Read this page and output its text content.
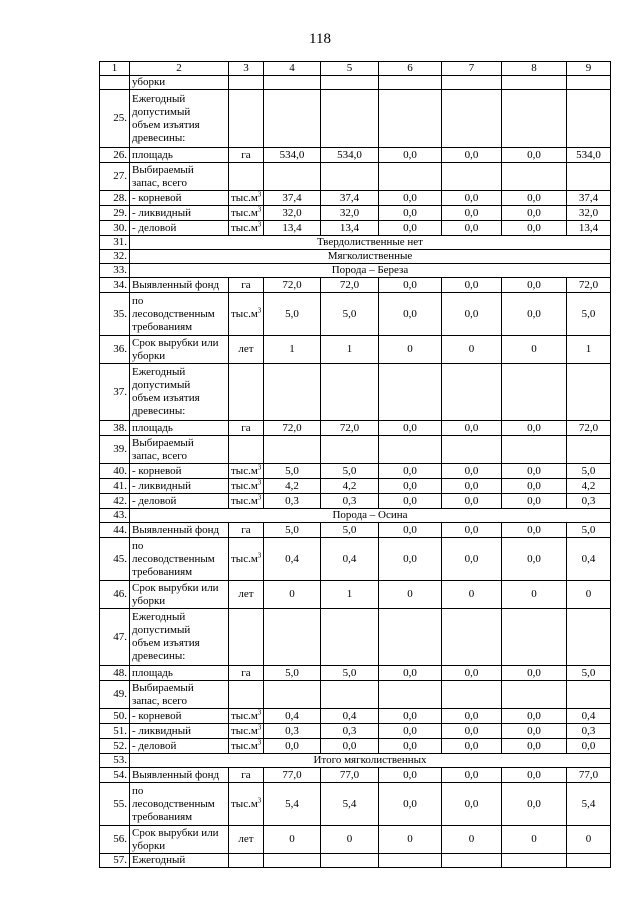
118
1	2	3	4	5	6	7	8	9

	уборки							

25.	Ежегодный
допустимый
объем изъятия
древесины:							

26.	площадь	га	534,0	534,0	0,0	0,0	0,0	534,0
27.	Выбираемый
запас, всего							

28.	- корневой	$тыс.м^3$	37,4	37,4	0,0	0,0	0,0	37,4
29.	- ликвидный	$тыс.м^3$	32,0	32,0	0,0	0,0	0,0	32,0
30.	- деловой	$тыс.м^3$	13,4	13,4	0,0	0,0	0,0	13,4
31.	Твердолиственные нет							
32.	Мягколиственные							
33.	Порода – Береза							
34.	Выявленный фонд	га	72,0	72,0	0,0	0,0	0,0	72,0
35.	по
лесоводственным
требованиям	$тыс.м^3$	5,0	5,0	0,0	0,0	0,0	5,0
36.	Срок вырубки или
уборки	лет	1	1	0	0	0	1
37.	Ежегодный
допустимый
объем изъятия
древесины:							

38.	площадь	га	72,0	72,0	0,0	0,0	0,0	72,0
39.	Выбираемый
запас, всего							

40.	- корневой	$тыс.м^3$	5,0	5,0	0,0	0,0	0,0	5,0
41.	- ликвидный	$тыс.м^3$	4,2	4,2	0,0	0,0	0,0	4,2
42.	- деловой	$тыс.м^3$	0,3	0,3	0,0	0,0	0,0	0,3
43.	Порода – Осина							
44.	Выявленный фонд	га	5,0	5,0	0,0	0,0	0,0	5,0
45.	по
лесоводственным
требованиям	$тыс.м^3$	0,4	0,4	0,0	0,0	0,0	0,4
46.	Срок вырубки или
уборки	лет	0	1	0	0	0	0
47.	Ежегодный
допустимый
объем изъятия
древесины:							

48.	площадь	га	5,0	5,0	0,0	0,0	0,0	5,0
49.	Выбираемый
запас, всего							

50.	- корневой	$тыс.м^3$	0,4	0,4	0,0	0,0	0,0	0,4
51.	- ликвидный	$тыс.м^3$	0,3	0,3	0,0	0,0	0,0	0,3
52.	- деловой	$тыс.м^3$	0,0	0,0	0,0	0,0	0,0	0,0
53.	Итого мягколиственных							
54.	Выявленный фонд	га	77,0	77,0	0,0	0,0	0,0	77,0
55.	по
лесоводственным
требованиям	$тыс.м^3$	5,4	5,4	0,0	0,0	0,0	5,4
56.	Срок вырубки или
уборки	лет	0	0	0	0	0	0
57.	Ежегодный							
